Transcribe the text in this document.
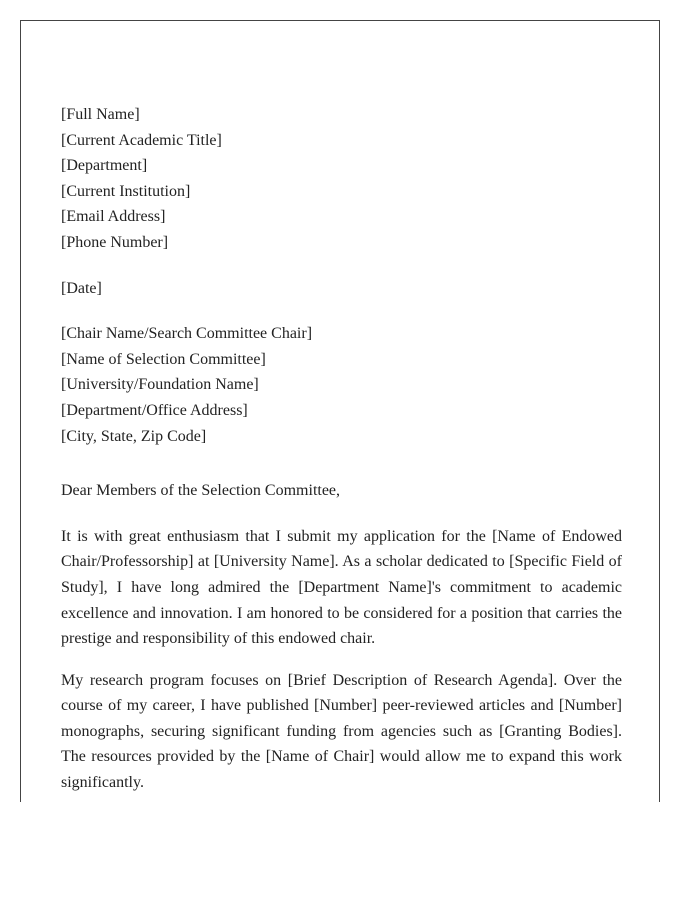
[Full Name]
[Current Academic Title]
[Department]
[Current Institution]
[Email Address]
[Phone Number]
[Date]
[Chair Name/Search Committee Chair]
[Name of Selection Committee]
[University/Foundation Name]
[Department/Office Address]
[City, State, Zip Code]

Dear Members of the Selection Committee,

It is with great enthusiasm that I submit my application for the [Name of Endowed Chair/Professorship] at [University Name]. As a scholar dedicated to [Specific Field of Study], I have long admired the [Department Name]'s commitment to academic excellence and innovation. I am honored to be considered for a position that carries the prestige and responsibility of this endowed chair.

My research program focuses on [Brief Description of Research Agenda]. Over the course of my career, I have published [Number] peer-reviewed articles and [Number] monographs, securing significant funding from agencies such as [Granting Bodies]. The resources provided by the [Name of Chair] would allow me to expand this work significantly.
